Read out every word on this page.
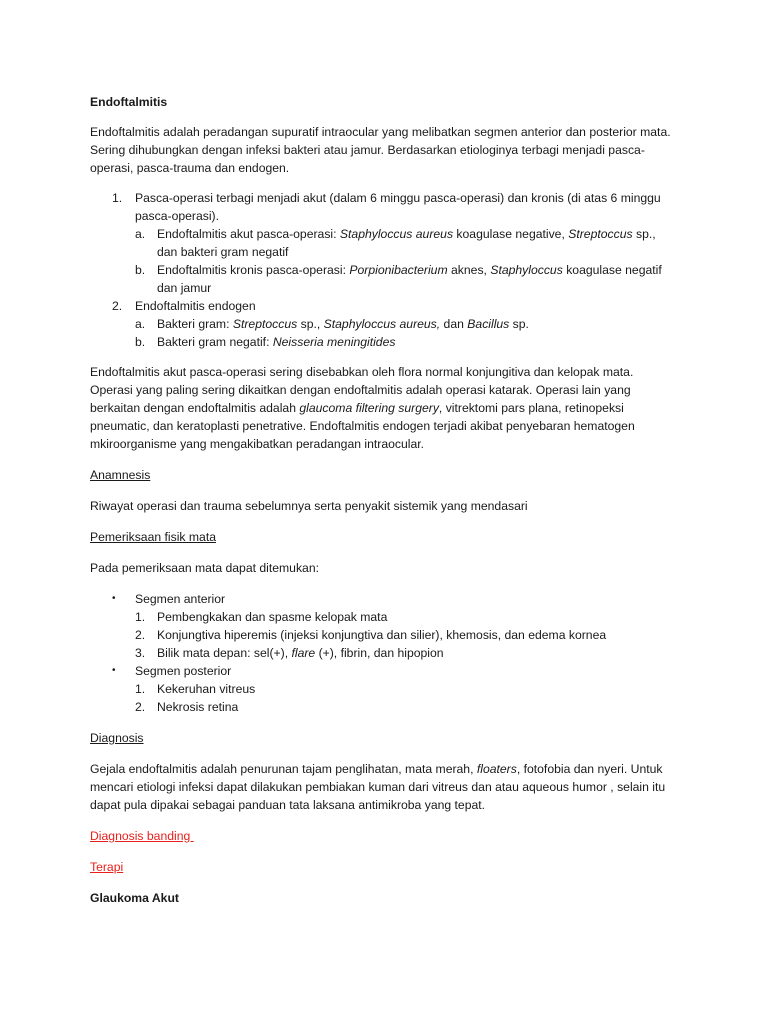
Endoftalmitis

Endoftalmitis adalah peradangan supuratif intraocular yang melibatkan segmen anterior dan posterior mata. Sering dihubungkan dengan infeksi bakteri atau jamur. Berdasarkan etiologinya terbagi menjadi pasca-operasi, pasca-trauma dan endogen.

1. Pasca-operasi terbagi menjadi akut (dalam 6 minggu pasca-operasi) dan kronis (di atas 6 minggu pasca-operasi).
a. Endoftalmitis akut pasca-operasi: Staphyloccus aureus koagulase negative, Streptoccus sp., dan bakteri gram negatif
b. Endoftalmitis kronis pasca-operasi: Porpionibacterium aknes, Staphyloccus koagulase negatif dan jamur
2. Endoftalmitis endogen
a. Bakteri gram: Streptoccus sp., Staphyloccus aureus, dan Bacillus sp.
b. Bakteri gram negatif: Neisseria meningitides

Endoftalmitis akut pasca-operasi sering disebabkan oleh flora normal konjungitiva dan kelopak mata. Operasi yang paling sering dikaitkan dengan endoftalmitis adalah operasi katarak. Operasi lain yang berkaitan dengan endoftalmitis adalah glaucoma filtering surgery, vitrektomi pars plana, retinopeksi pneumatic, dan keratoplasti penetrative. Endoftalmitis endogen terjadi akibat penyebaran hematogen mkiroorganisme yang mengakibatkan peradangan intraocular.

Anamnesis

Riwayat operasi dan trauma sebelumnya serta penyakit sistemik yang mendasari

Pemeriksaan fisik mata

Pada pemeriksaan mata dapat ditemukan:

• Segmen anterior
1. Pembengkakan dan spasme kelopak mata
2. Konjungtiva hiperemis (injeksi konjungtiva dan silier), khemosis, dan edema kornea
3. Bilik mata depan: sel(+), flare (+), fibrin, dan hipopion
• Segmen posterior
1. Kekeruhan vitreus
2. Nekrosis retina

Diagnosis

Gejala endoftalmitis adalah penurunan tajam penglihatan, mata merah, floaters, fotofobia dan nyeri. Untuk mencari etiologi infeksi dapat dilakukan pembiakan kuman dari vitreus dan atau aqueous humor , selain itu dapat pula dipakai sebagai panduan tata laksana antimikroba yang tepat.

Diagnosis banding

Terapi

Glaukoma Akut
